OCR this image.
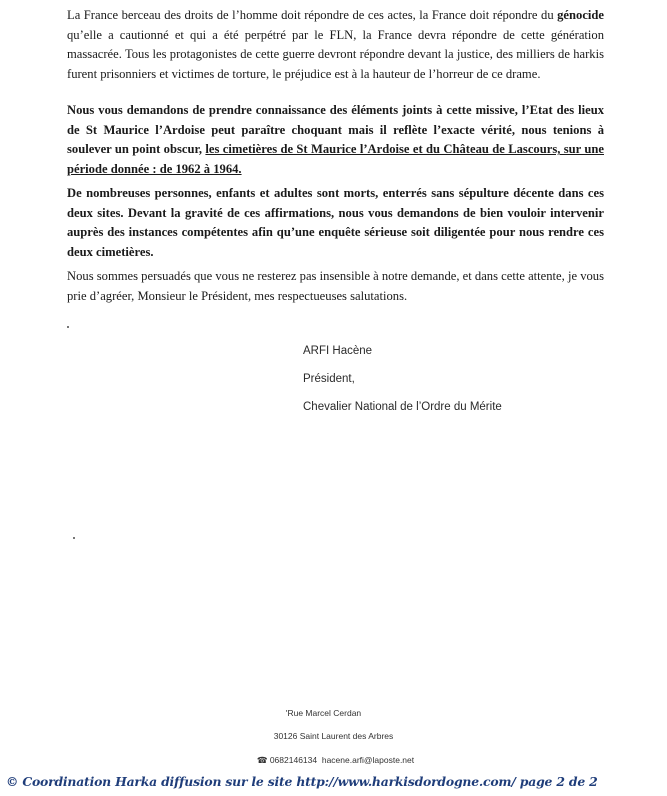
La France berceau des droits de l’homme doit répondre de ces actes, la France doit répondre du génocide qu’elle a cautionné et qui a été perpétré par le FLN, la France devra répondre de cette génération massacrée. Tous les protagonistes de cette guerre devront répondre devant la justice, des milliers de harkis furent prisonniers et victimes de torture, le préjudice est à la hauteur de l’horreur de ce drame.

Nous vous demandons de prendre connaissance des éléments joints à cette missive, l’Etat des lieux de St Maurice l’Ardoise peut paraître choquant mais il reflète l’exacte vérité, nous tenions à soulever un point obscur, les cimetières de St Maurice l’Ardoise et du Château de Lascours, sur une période donnée : de 1962 à 1964.

De nombreuses personnes, enfants et adultes sont morts, enterrés sans sépulture décente dans ces deux sites. Devant la gravité de ces affirmations, nous vous demandons de bien vouloir intervenir auprès des instances compétentes afin qu’une enquête sérieuse soit diligentée pour nous rendre ces deux cimetières.

Nous sommes persuadés que vous ne resterez pas insensible à notre demande, et dans cette attente, je vous prie d’agréer, Monsieur le Président, mes respectueuses salutations.

ARFI Hacène
Président,
Chevalier National de l’Ordre du Mérite
'Rue Marcel Cerdan
30126 Saint Laurent des Arbres
☎ 0682146134 hacene.arfi@laposte.net
© Coordination Harka diffusion sur le site http://www.harkisdordogne.com/ page 2 de 2
